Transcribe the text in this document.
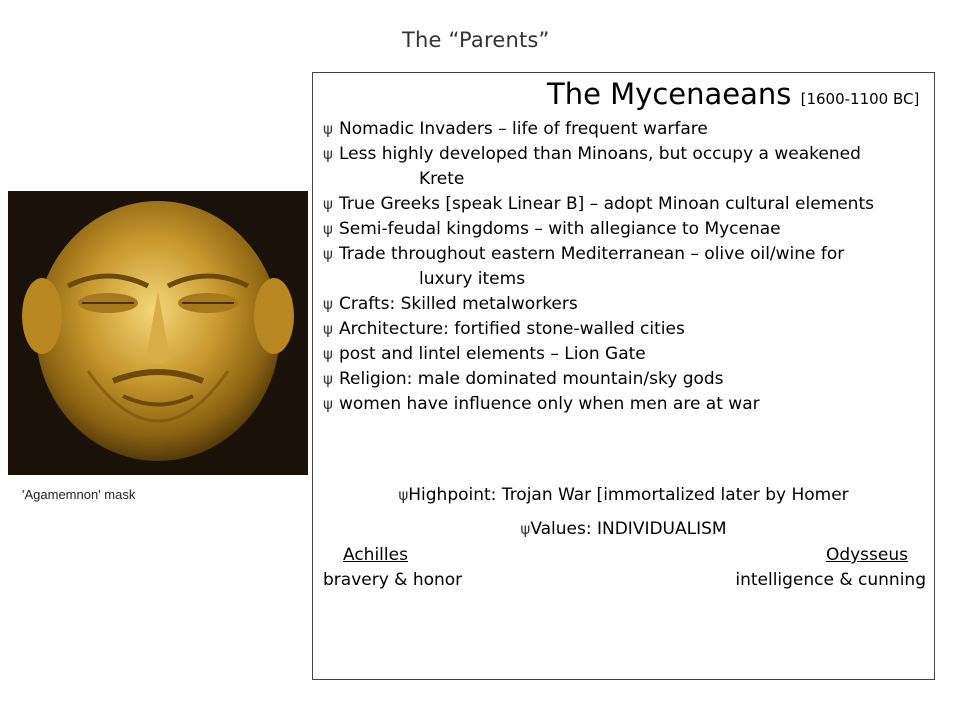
The “Parents”
'Agamemnon' mask
The Mycenaeans [1600-1100 BC]
ψ Nomadic Invaders – life of frequent warfare
ψ Less highly developed than Minoans, but occupy a weakened
Krete
ψ True Greeks [speak Linear B] – adopt Minoan cultural elements
ψ Semi-feudal kingdoms – with allegiance to Mycenae
ψ Trade throughout eastern Mediterranean – olive oil/wine for
luxury items
ψ Crafts: Skilled metalworkers
ψ Architecture: fortified stone-walled cities
ψ post and lintel elements – Lion Gate
ψ Religion: male dominated mountain/sky gods
ψ women have influence only when men are at war
ψHighpoint: Trojan War [immortalized later by Homer
ψValues: INDIVIDUALISM
Achilles	Odysseus
bravery & honor	intelligence & cunning
